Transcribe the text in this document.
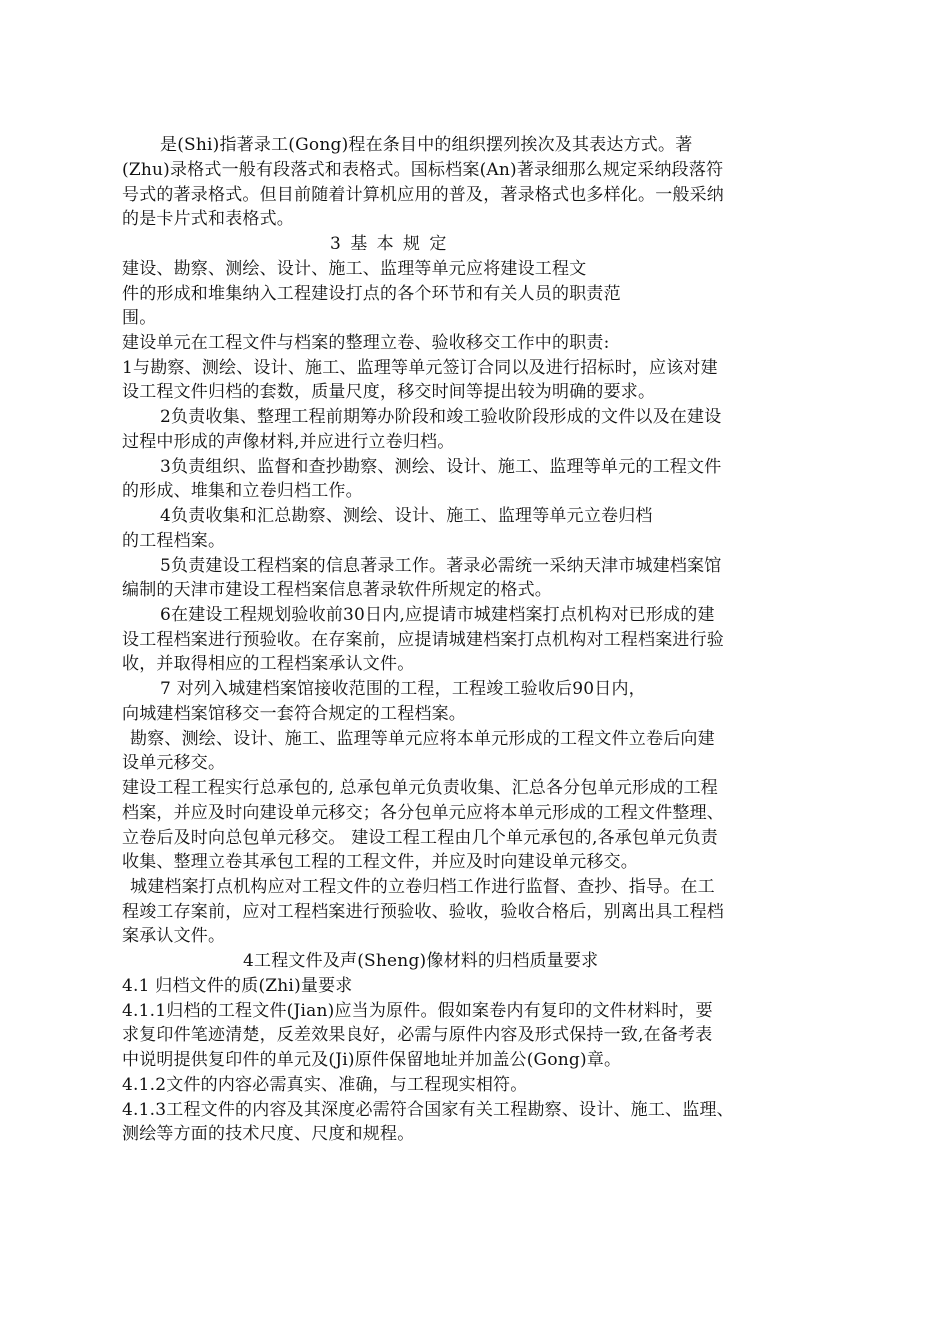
是(Shi)指著录工(Gong)程在条目中的组织摆列挨次及其表达方式。著
(Zhu)录格式一般有段落式和表格式。国标档案(An)著录细那么规定采纳段落符
号式的著录格式。但目前随着计算机应用的普及，著录格式也多样化。一般采纳
的是卡片式和表格式。
3 基 本 规 定
建设、勘察、测绘、设计、施工、监理等单元应将建设工程文
件的形成和堆集纳入工程建设打点的各个环节和有关人员的职责范
围。
建设单元在工程文件与档案的整理立卷、验收移交工作中的职责:
1与勘察、测绘、设计、施工、监理等单元签订合同以及进行招标时，应该对建
设工程文件归档的套数，质量尺度，移交时间等提出较为明确的要求。
2负责收集、整理工程前期筹办阶段和竣工验收阶段形成的文件以及在建设
过程中形成的声像材料,并应进行立卷归档。
3负责组织、监督和查抄勘察、测绘、设计、施工、监理等单元的工程文件
的形成、堆集和立卷归档工作。
4负责收集和汇总勘察、测绘、设计、施工、监理等单元立卷归档
的工程档案。
5负责建设工程档案的信息著录工作。著录必需统一采纳天津市城建档案馆
编制的天津市建设工程档案信息著录软件所规定的格式。
6在建设工程规划验收前30日内,应提请市城建档案打点机构对已形成的建
设工程档案进行预验收。在存案前，应提请城建档案打点机构对工程档案进行验
收，并取得相应的工程档案承认文件。
7 对列入城建档案馆接收范围的工程，工程竣工验收后90日内，
向城建档案馆移交一套符合规定的工程档案。
勘察、测绘、设计、施工、监理等单元应将本单元形成的工程文件立卷后向建
设单元移交。
建设工程工程实行总承包的, 总承包单元负责收集、汇总各分包单元形成的工程
档案，并应及时向建设单元移交；各分包单元应将本单元形成的工程文件整理、
立卷后及时向总包单元移交。 建设工程工程由几个单元承包的,各承包单元负责
收集、整理立卷其承包工程的工程文件，并应及时向建设单元移交。
城建档案打点机构应对工程文件的立卷归档工作进行监督、查抄、指导。在工
程竣工存案前，应对工程档案进行预验收、验收，验收合格后，别离出具工程档
案承认文件。
4工程文件及声(Sheng)像材料的归档质量要求
4.1 归档文件的质(Zhi)量要求
4.1.1归档的工程文件(Jian)应当为原件。假如案卷内有复印的文件材料时，要
求复印件笔迹清楚，反差效果良好，必需与原件内容及形式保持一致,在备考表
中说明提供复印件的单元及(Ji)原件保留地址并加盖公(Gong)章。
4.1.2文件的内容必需真实、准确，与工程现实相符。
4.1.3工程文件的内容及其深度必需符合国家有关工程勘察、设计、施工、监理、
测绘等方面的技术尺度、尺度和规程。
